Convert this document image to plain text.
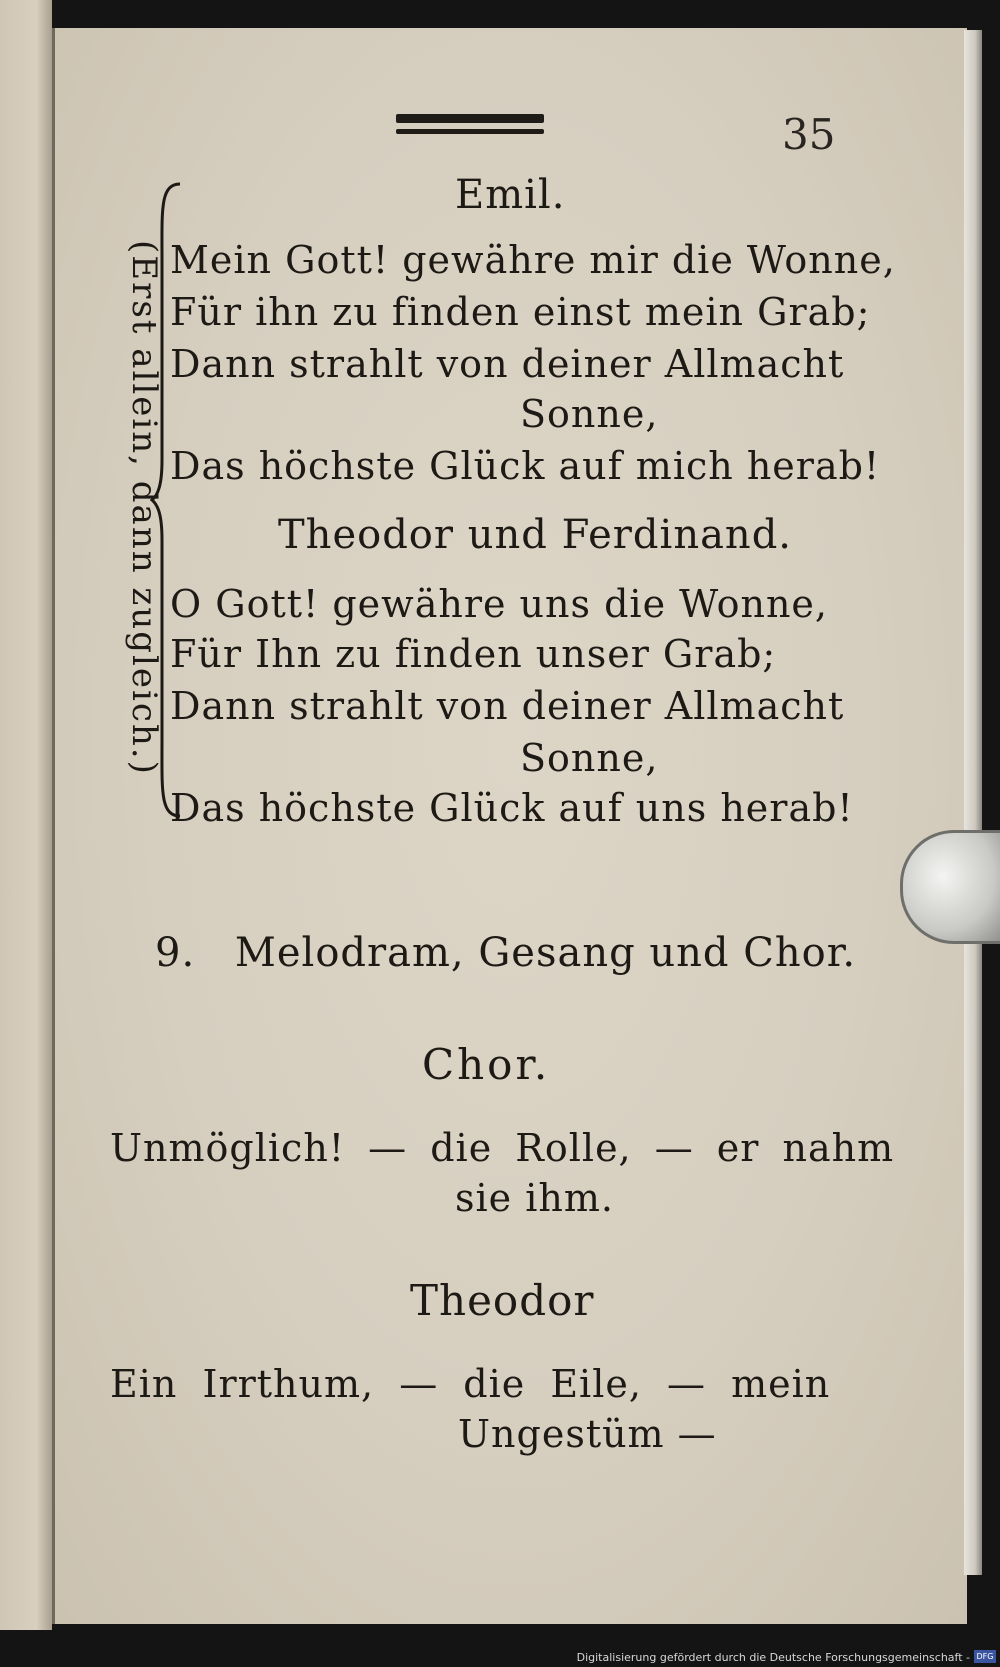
35
Emil.
Mein Gott! gewähre mir die Wonne,
Für ihn zu finden einst mein Grab;
Dann strahlt von deiner Allmacht
Sonne,
Das höchste Glück auf mich herab!
Theodor und Ferdinand.
O Gott! gewähre uns die Wonne,
Für Ihn zu finden unser Grab;
Dann strahlt von deiner Allmacht
Sonne,
Das höchste Glück auf uns herab!
(Erst allein, dann zugleich.)
9. Melodram, Gesang und Chor.
Chor.
Unmöglich! — die Rolle, — er nahm
sie ihm.
Theodor
Ein Irrthum, — die Eile, — mein
Ungestüm —
Digitalisierung gefördert durch die Deutsche Forschungsgemeinschaft - DFG
